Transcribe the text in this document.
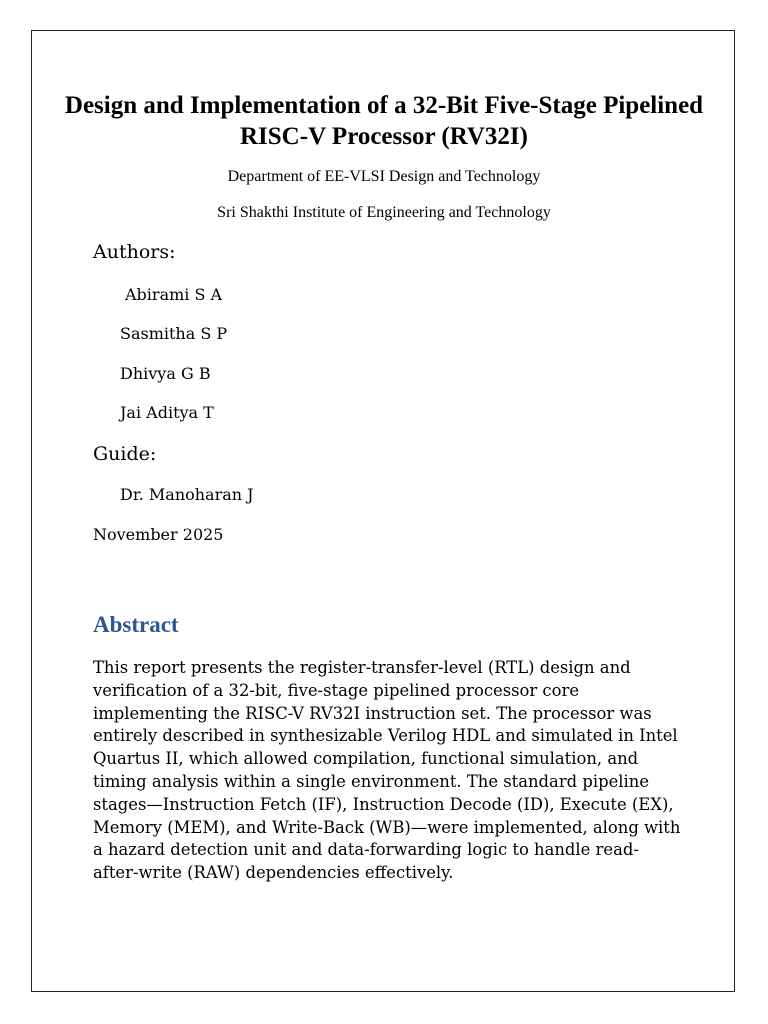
Design and Implementation of a 32-Bit Five-Stage Pipelined RISC-V Processor (RV32I)

Department of EE-VLSI Design and Technology

Sri Shakthi Institute of Engineering and Technology

Authors:

Abirami S A

Sasmitha S P

Dhivya G B

Jai Aditya T

Guide:

Dr. Manoharan J

November 2025

Abstract

This report presents the register-transfer-level (RTL) design and verification of a 32-bit, five-stage pipelined processor core implementing the RISC-V RV32I instruction set. The processor was entirely described in synthesizable Verilog HDL and simulated in Intel Quartus II, which allowed compilation, functional simulation, and timing analysis within a single environment. The standard pipeline stages—Instruction Fetch (IF), Instruction Decode (ID), Execute (EX), Memory (MEM), and Write-Back (WB)—were implemented, along with a hazard detection unit and data-forwarding logic to handle read-after-write (RAW) dependencies effectively.
